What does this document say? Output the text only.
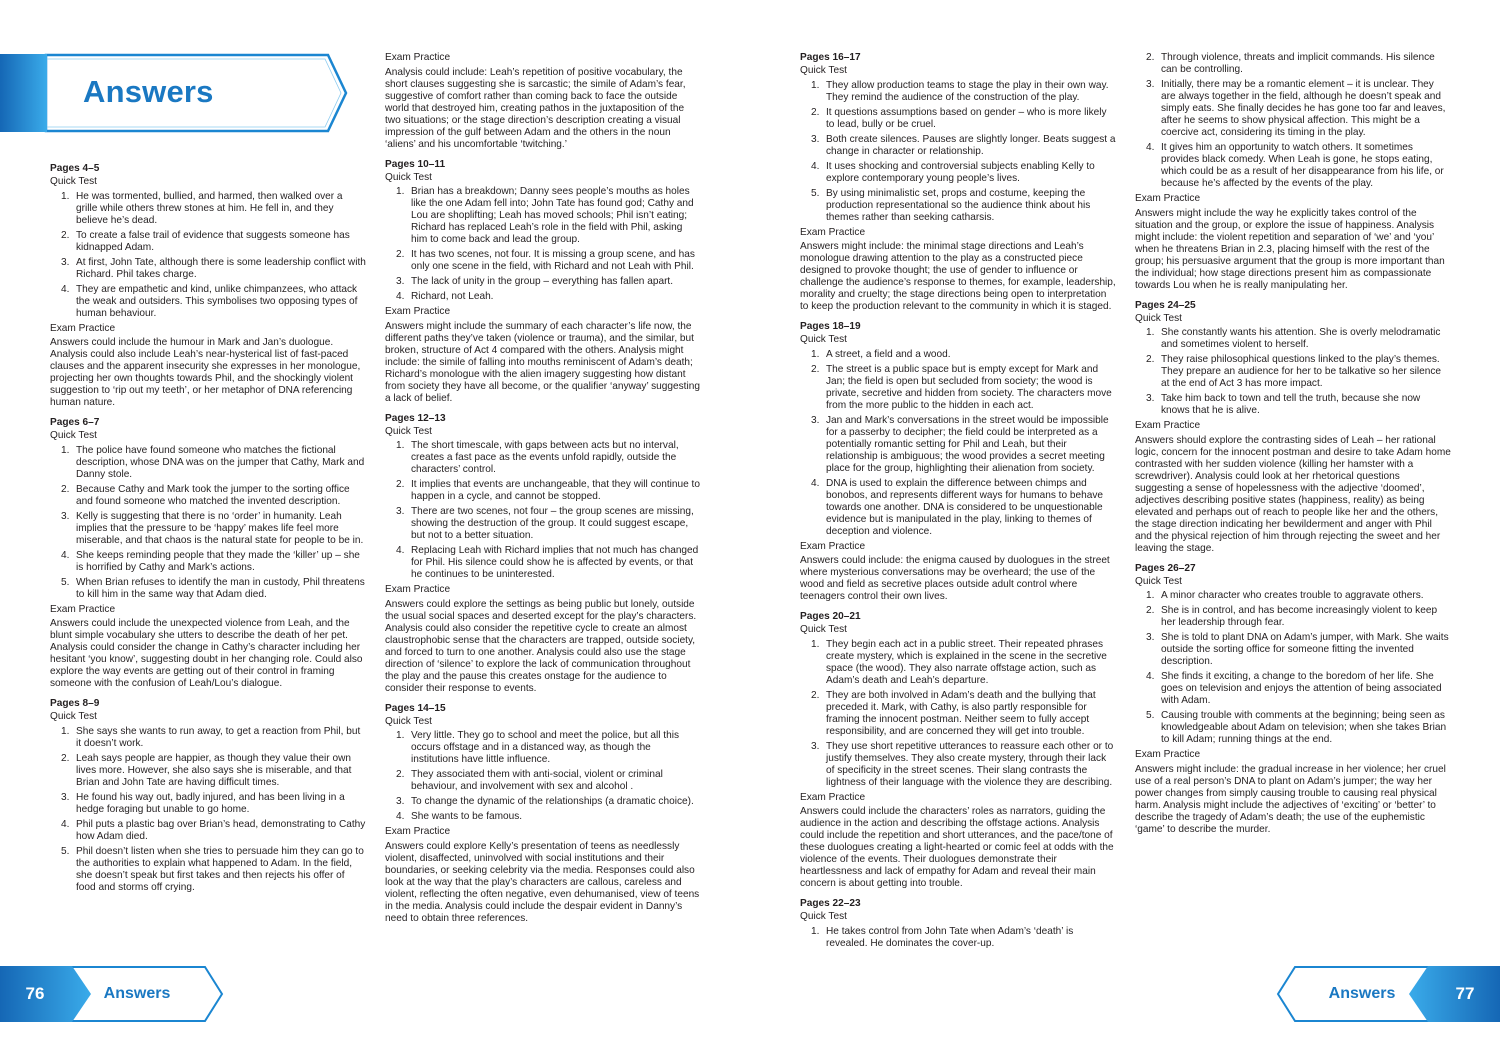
Answers
Pages 4–5
Quick Test
1. He was tormented, bullied, and harmed, then walked over a grille while others threw stones at him. He fell in, and they believe he’s dead.
2. To create a false trail of evidence that suggests someone has kidnapped Adam.
3. At first, John Tate, although there is some leadership conflict with Richard. Phil takes charge.
4. They are empathetic and kind, unlike chimpanzees, who attack the weak and outsiders. This symbolises two opposing types of human behaviour.
Exam Practice
Answers could include the humour in Mark and Jan’s duologue. Analysis could also include Leah’s near-hysterical list of fast-paced clauses and the apparent insecurity she expresses in her monologue, projecting her own thoughts towards Phil, and the shockingly violent suggestion to ‘rip out my teeth’, or her metaphor of DNA referencing human nature.
Pages 6–7
Quick Test
1. The police have found someone who matches the fictional description, whose DNA was on the jumper that Cathy, Mark and Danny stole.
2. Because Cathy and Mark took the jumper to the sorting office and found someone who matched the invented description.
3. Kelly is suggesting that there is no ‘order’ in humanity. Leah implies that the pressure to be ‘happy’ makes life feel more miserable, and that chaos is the natural state for people to be in.
4. She keeps reminding people that they made the ‘killer’ up – she is horrified by Cathy and Mark’s actions.
5. When Brian refuses to identify the man in custody, Phil threatens to kill him in the same way that Adam died.
Exam Practice
Answers could include the unexpected violence from Leah, and the blunt simple vocabulary she utters to describe the death of her pet. Analysis could consider the change in Cathy’s character including her hesitant ‘you know’, suggesting doubt in her changing role. Could also explore the way events are getting out of their control in framing someone with the confusion of Leah/Lou’s dialogue.
Pages 8–9
Quick Test
1. She says she wants to run away, to get a reaction from Phil, but it doesn’t work.
2. Leah says people are happier, as though they value their own lives more. However, she also says she is miserable, and that Brian and John Tate are having difficult times.
3. He found his way out, badly injured, and has been living in a hedge foraging but unable to go home.
4. Phil puts a plastic bag over Brian’s head, demonstrating to Cathy how Adam died.
5. Phil doesn’t listen when she tries to persuade him they can go to the authorities to explain what happened to Adam. In the field, she doesn’t speak but first takes and then rejects his offer of food and storms off crying.
Exam Practice
Analysis could include: Leah’s repetition of positive vocabulary, the short clauses suggesting she is sarcastic; the simile of Adam’s fear, suggestive of comfort rather than coming back to face the outside world that destroyed him, creating pathos in the juxtaposition of the two situations; or the stage direction’s description creating a visual impression of the gulf between Adam and the others in the noun ‘aliens’ and his uncomfortable ‘twitching.’
Pages 10–11
Quick Test
1. Brian has a breakdown; Danny sees people’s mouths as holes like the one Adam fell into; John Tate has found god; Cathy and Lou are shoplifting; Leah has moved schools; Phil isn’t eating; Richard has replaced Leah’s role in the field with Phil, asking him to come back and lead the group.
2. It has two scenes, not four. It is missing a group scene, and has only one scene in the field, with Richard and not Leah with Phil.
3. The lack of unity in the group – everything has fallen apart.
4. Richard, not Leah.
Exam Practice
Answers might include the summary of each character’s life now, the different paths they’ve taken (violence or trauma), and the similar, but broken, structure of Act 4 compared with the others. Analysis might include: the simile of falling into mouths reminiscent of Adam’s death; Richard’s monologue with the alien imagery suggesting how distant from society they have all become, or the qualifier ‘anyway’ suggesting a lack of belief.
Pages 12–13
Quick Test
1. The short timescale, with gaps between acts but no interval, creates a fast pace as the events unfold rapidly, outside the characters’ control.
2. It implies that events are unchangeable, that they will continue to happen in a cycle, and cannot be stopped.
3. There are two scenes, not four – the group scenes are missing, showing the destruction of the group. It could suggest escape, but not to a better situation.
4. Replacing Leah with Richard implies that not much has changed for Phil. His silence could show he is affected by events, or that he continues to be uninterested.
Exam Practice
Answers could explore the settings as being public but lonely, outside the usual social spaces and deserted except for the play’s characters. Analysis could also consider the repetitive cycle to create an almost claustrophobic sense that the characters are trapped, outside society, and forced to turn to one another. Analysis could also use the stage direction of ‘silence’ to explore the lack of communication throughout the play and the pause this creates onstage for the audience to consider their response to events.
Pages 14–15
Quick Test
1. Very little. They go to school and meet the police, but all this occurs offstage and in a distanced way, as though the institutions have little influence.
2. They associated them with anti-social, violent or criminal behaviour, and involvement with sex and alcohol .
3. To change the dynamic of the relationships (a dramatic choice).
4. She wants to be famous.
Exam Practice
Answers could explore Kelly’s presentation of teens as needlessly violent, disaffected, uninvolved with social institutions and their boundaries, or seeking celebrity via the media. Responses could also look at the way that the play’s characters are callous, careless and violent, reflecting the often negative, even dehumanised, view of teens in the media. Analysis could include the despair evident in Danny’s need to obtain three references.
Pages 16–17
Quick Test
1. They allow production teams to stage the play in their own way. They remind the audience of the construction of the play.
2. It questions assumptions based on gender – who is more likely to lead, bully or be cruel.
3. Both create silences. Pauses are slightly longer. Beats suggest a change in character or relationship.
4. It uses shocking and controversial subjects enabling Kelly to explore contemporary young people’s lives.
5. By using minimalistic set, props and costume, keeping the production representational so the audience think about his themes rather than seeking catharsis.
Exam Practice
Answers might include: the minimal stage directions and Leah’s monologue drawing attention to the play as a constructed piece designed to provoke thought; the use of gender to influence or challenge the audience’s response to themes, for example, leadership, morality and cruelty; the stage directions being open to interpretation to keep the production relevant to the community in which it is staged.
Pages 18–19
Quick Test
1. A street, a field and a wood.
2. The street is a public space but is empty except for Mark and Jan; the field is open but secluded from society; the wood is private, secretive and hidden from society. The characters move from the more public to the hidden in each act.
3. Jan and Mark’s conversations in the street would be impossible for a passerby to decipher; the field could be interpreted as a potentially romantic setting for Phil and Leah, but their relationship is ambiguous; the wood provides a secret meeting place for the group, highlighting their alienation from society.
4. DNA is used to explain the difference between chimps and bonobos, and represents different ways for humans to behave towards one another. DNA is considered to be unquestionable evidence but is manipulated in the play, linking to themes of deception and violence.
Exam Practice
Answers could include: the enigma caused by duologues in the street where mysterious conversations may be overheard; the use of the wood and field as secretive places outside adult control where teenagers control their own lives.
Pages 20–21
Quick Test
1. They begin each act in a public street. Their repeated phrases create mystery, which is explained in the scene in the secretive space (the wood). They also narrate offstage action, such as Adam’s death and Leah’s departure.
2. They are both involved in Adam’s death and the bullying that preceded it. Mark, with Cathy, is also partly responsible for framing the innocent postman. Neither seem to fully accept responsibility, and are concerned they will get into trouble.
3. They use short repetitive utterances to reassure each other or to justify themselves. They also create mystery, through their lack of specificity in the street scenes. Their slang contrasts the lightness of their language with the violence they are describing.
Exam Practice
Answers could include the characters’ roles as narrators, guiding the audience in the action and describing the offstage actions. Analysis could include the repetition and short utterances, and the pace/tone of these duologues creating a light-hearted or comic feel at odds with the violence of the events. Their duologues demonstrate their heartlessness and lack of empathy for Adam and reveal their main concern is about getting into trouble.
Pages 22–23
Quick Test
1. He takes control from John Tate when Adam’s ‘death’ is revealed. He dominates the cover-up.
2. Through violence, threats and implicit commands. His silence can be controlling.
3. Initially, there may be a romantic element – it is unclear. They are always together in the field, although he doesn’t speak and simply eats. She finally decides he has gone too far and leaves, after he seems to show physical affection. This might be a coercive act, considering its timing in the play.
4. It gives him an opportunity to watch others. It sometimes provides black comedy. When Leah is gone, he stops eating, which could be as a result of her disappearance from his life, or because he’s affected by the events of the play.
Exam Practice
Answers might include the way he explicitly takes control of the situation and the group, or explore the issue of happiness. Analysis might include: the violent repetition and separation of ‘we’ and ‘you’ when he threatens Brian in 2.3, placing himself with the rest of the group; his persuasive argument that the group is more important than the individual; how stage directions present him as compassionate towards Lou when he is really manipulating her.
Pages 24–25
Quick Test
1. She constantly wants his attention. She is overly melodramatic and sometimes violent to herself.
2. They raise philosophical questions linked to the play’s themes. They prepare an audience for her to be talkative so her silence at the end of Act 3 has more impact.
3. Take him back to town and tell the truth, because she now knows that he is alive.
Exam Practice
Answers should explore the contrasting sides of Leah – her rational logic, concern for the innocent postman and desire to take Adam home contrasted with her sudden violence (killing her hamster with a screwdriver). Analysis could look at her rhetorical questions suggesting a sense of hopelessness with the adjective ‘doomed’, adjectives describing positive states (happiness, reality) as being elevated and perhaps out of reach to people like her and the others, the stage direction indicating her bewilderment and anger with Phil and the physical rejection of him through rejecting the sweet and her leaving the stage.
Pages 26–27
Quick Test
1. A minor character who creates trouble to aggravate others.
2. She is in control, and has become increasingly violent to keep her leadership through fear.
3. She is told to plant DNA on Adam’s jumper, with Mark. She waits outside the sorting office for someone fitting the invented description.
4. She finds it exciting, a change to the boredom of her life. She goes on television and enjoys the attention of being associated with Adam.
5. Causing trouble with comments at the beginning; being seen as knowledgeable about Adam on television; when she takes Brian to kill Adam; running things at the end.
Exam Practice
Answers might include: the gradual increase in her violence; her cruel use of a real person’s DNA to plant on Adam’s jumper; the way her power changes from simply causing trouble to causing real physical harm. Analysis might include the adjectives of ‘exciting’ or ‘better’ to describe the tragedy of Adam’s death; the use of the euphemistic ‘game’ to describe the murder.
76	Answers	Answers	77
